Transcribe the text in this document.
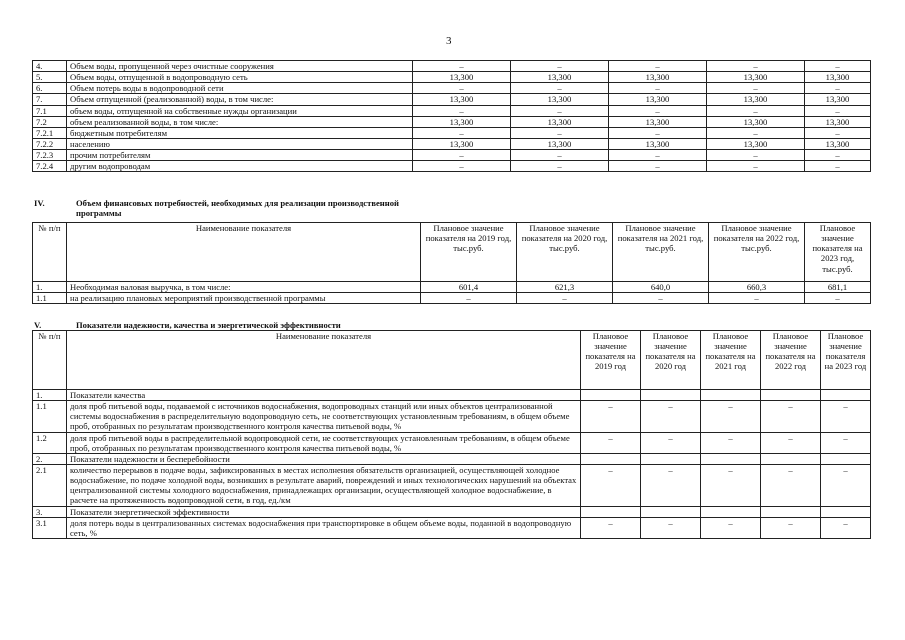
3
4.	Объем воды, пропущенной через очистные сооружения	–	–	–	–	–
5.	Объем воды, отпущенной в водопроводную сеть	13,300	13,300	13,300	13,300	13,300
6.	Объем потерь воды в водопроводной сети	–	–	–	–	–
7.	Объем отпущенной (реализованной) воды, в том числе:	13,300	13,300	13,300	13,300	13,300
7.1	объем воды, отпущенной на собственные нужды организации	–	–	–	–	–
7.2	объем реализованной воды, в том числе:	13,300	13,300	13,300	13,300	13,300
7.2.1	бюджетным потребителям	–	–	–	–	–
7.2.2	населению	13,300	13,300	13,300	13,300	13,300
7.2.3	прочим потребителям	–	–	–	–	–
7.2.4	другим водопроводам	–	–	–	–	–
IV.	Объем финансовых потребностей, необходимых для реализации производственной
программы
№ п/п	Наименование показателя	Плановое значение показателя на 2019 год, тыс.руб.	Плановое значение показателя на 2020 год, тыс.руб.	Плановое значение показателя на 2021 год, тыс.руб.	Плановое значение показателя на 2022 год, тыс.руб.	Плановое значение показателя на 2023 год, тыс.руб.
1.	Необходимая валовая выручка, в том числе:	601,4	621,3	640,0	660,3	681,1
1.1	на реализацию плановых мероприятий производственной программы	–	–	–	–	–
V.	Показатели надежности, качества и энергетической эффективности
№ п/п	Наименование показателя	Плановое значение показателя на 2019 год	Плановое значение показателя на 2020 год	Плановое значение показателя на 2021 год	Плановое значение показателя на 2022 год	Плановое значение показателя на 2023 год
1.	Показатели качества					
1.1	доля проб питьевой воды, подаваемой с источников водоснабжения, водопроводных станций или иных объектов централизованной системы водоснабжения в распределительную водопроводную сеть, не соответствующих установленным требованиям, в общем объеме проб, отобранных по результатам производственного контроля качества питьевой воды, %	–	–	–	–	–
1.2	доля проб питьевой воды в распределительной водопроводной сети, не соответствующих установленным требованиям, в общем объеме проб, отобранных по результатам производственного контроля качества питьевой воды, %	–	–	–	–	–
2.	Показатели надежности и бесперебойности					
2.1	количество перерывов в подаче воды, зафиксированных в местах исполнения обязательств организацией, осуществляющей холодное водоснабжение, по подаче холодной воды, возникших в результате аварий, повреждений и иных технологических нарушений на объектах централизованной системы холодного водоснабжения, принадлежащих организации, осуществляющей холодное водоснабжение, в расчете на протяженность водопроводной сети, в год, ед./км	–	–	–	–	–
3.	Показатели энергетической эффективности					
3.1	доля потерь воды в централизованных системах водоснабжения при транспортировке в общем объеме воды, поданной в водопроводную сеть, %	–	–	–	–	–
